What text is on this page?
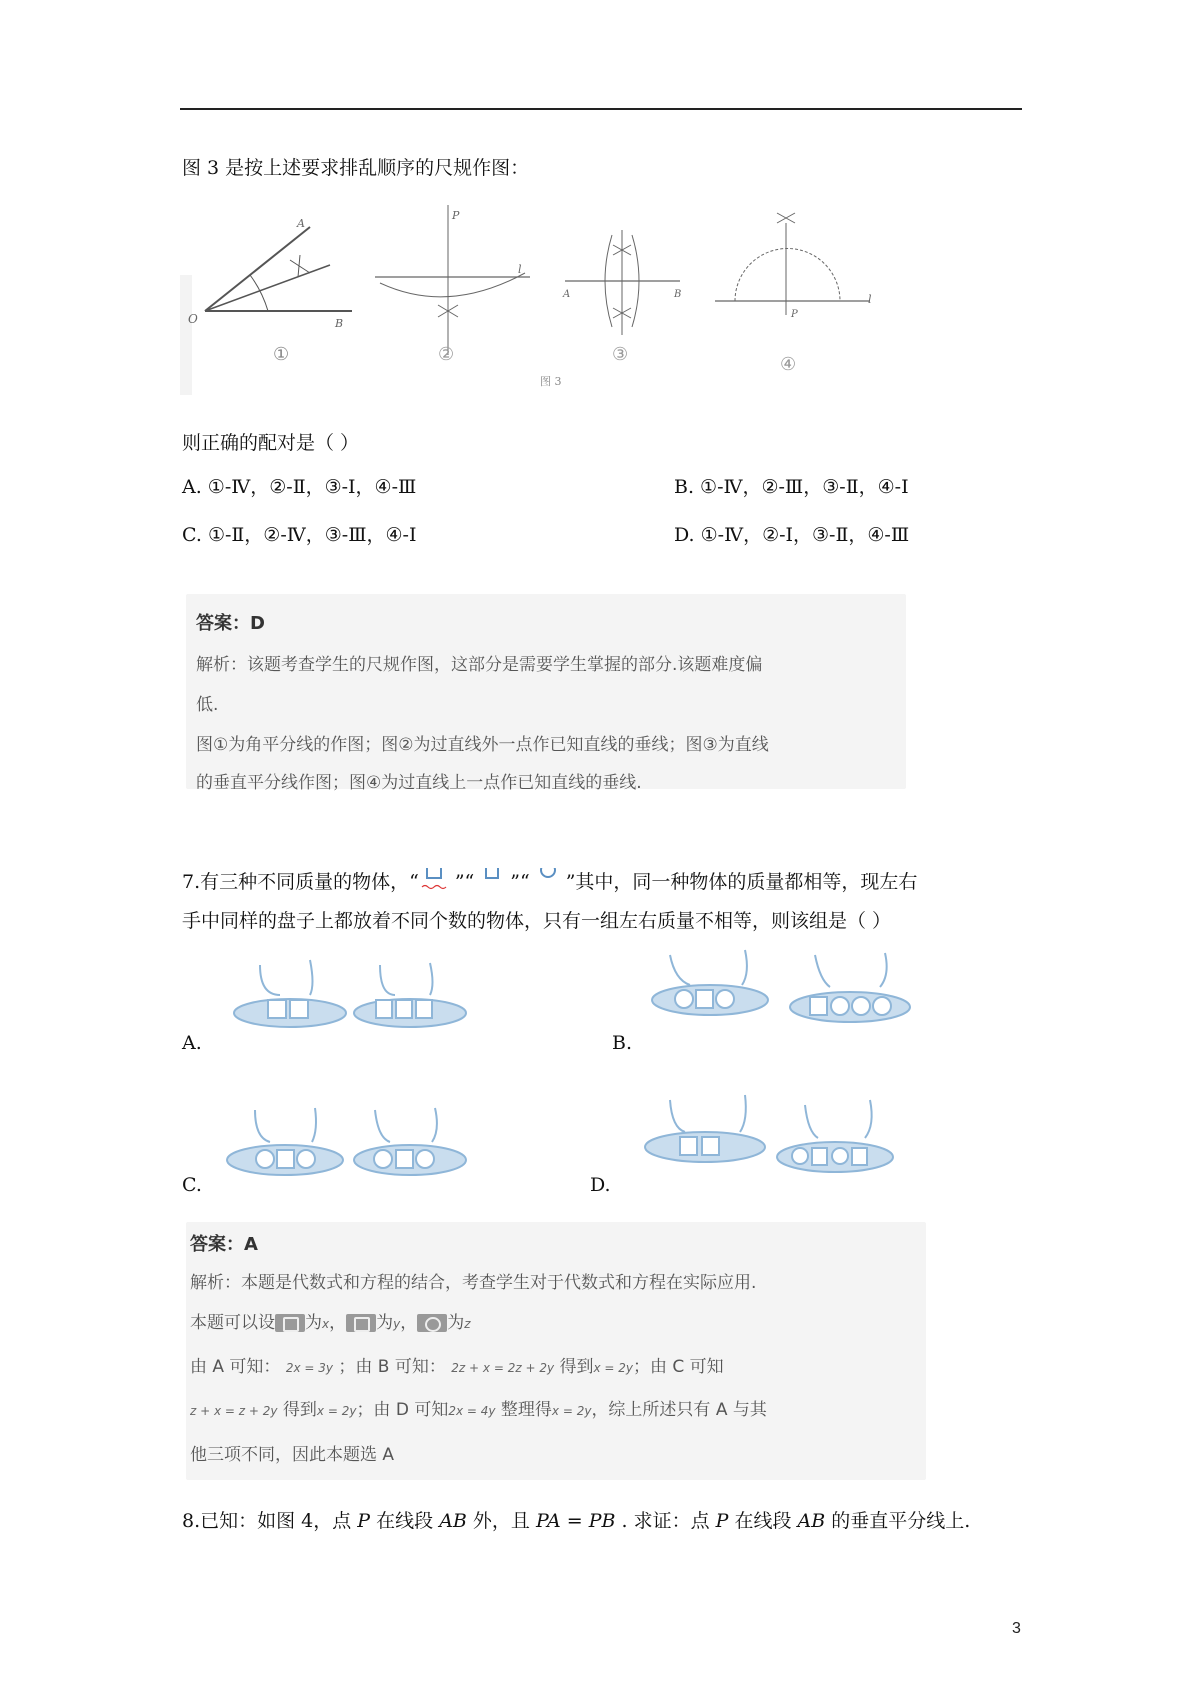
图 3 是按上述要求排乱顺序的尺规作图：
A
O	B
①
P
l
②
A	B
③
图 3
P
l
④
则正确的配对是（ ）
A. ①-Ⅳ，②-Ⅱ，③-Ⅰ，④-Ⅲ	B. ①-Ⅳ，②-Ⅲ，③-Ⅱ，④-Ⅰ
C. ①-Ⅱ，②-Ⅳ，③-Ⅲ，④-Ⅰ	D. ①-Ⅳ，②-Ⅰ，③-Ⅱ，④-Ⅲ
答案：D
解析：该题考查学生的尺规作图，这部分是需要学生掌握的部分.该题难度偏
低.
图①为角平分线的作图；图②为过直线外一点作已知直线的垂线；图③为直线
的垂直平分线作图；图④为过直线上一点作已知直线的垂线.
7.有三种不同质量的物体，“ ”“ ”“ ”其中，同一种物体的质量都相等，现左右
手中同样的盘子上都放着不同个数的物体，只有一组左右质量不相等，则该组是（ ）
A.	B.
C.	D.
答案：A
解析：本题是代数式和方程的结合，考查学生对于代数式和方程在实际应用.
本题可以设 为x， 为y， 为z
由 A 可知： 2x = 3y ；由 B 可知： 2z + x = 2z + 2y 得到x = 2y；由 C 可知
z + x = z + 2y 得到x = 2y；由 D 可知2x = 4y 整理得x = 2y，综上所述只有 A 与其
他三项不同，因此本题选 A
8.已知：如图 4，点 P 在线段 AB 外，且 PA = PB . 求证：点 P 在线段 AB 的垂直平分线上.
3
